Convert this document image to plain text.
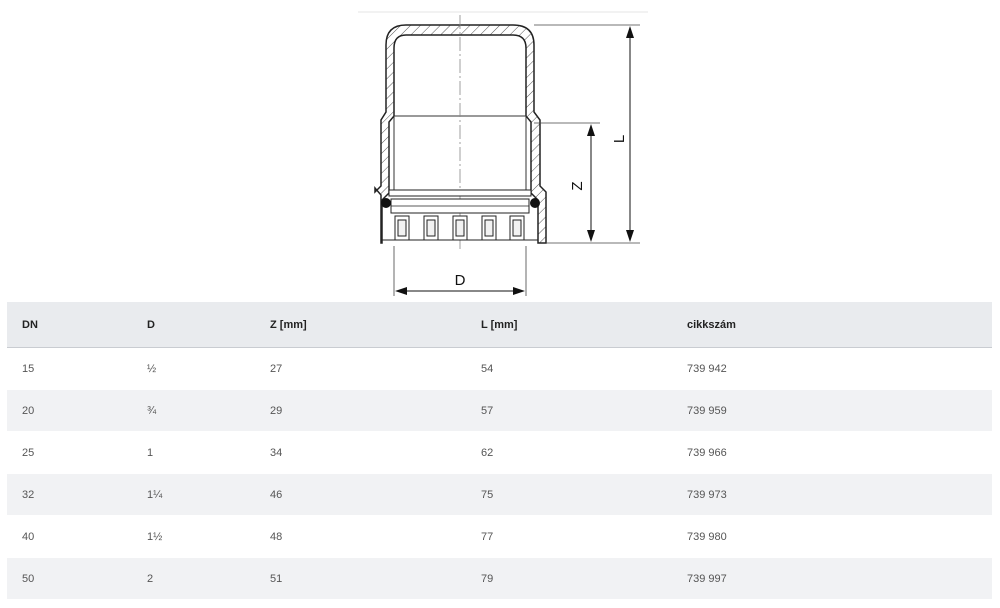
L
Z
D
DN	D	Z [mm]	L [mm]	cikkszám
15	½	27	54	739 942
20	¾	29	57	739 959
25	1	34	62	739 966
32	1¼	46	75	739 973
40	1½	48	77	739 980
50	2	51	79	739 997
